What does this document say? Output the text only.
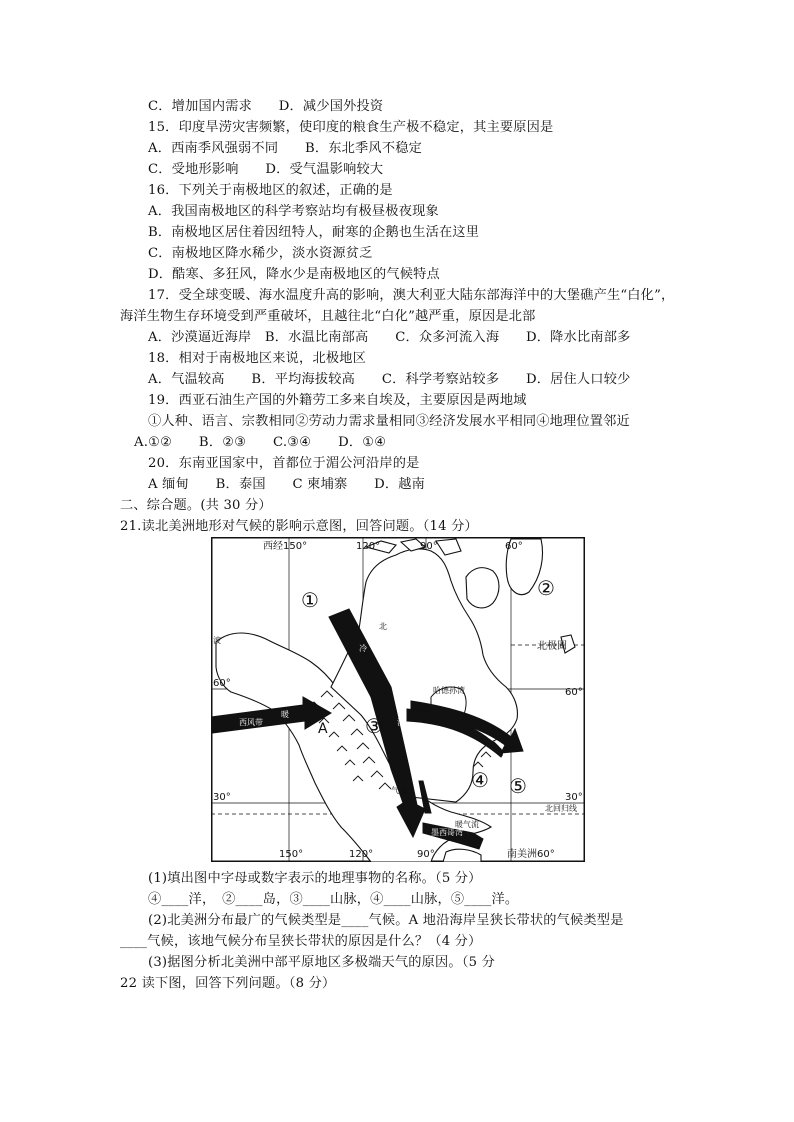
C．增加国内需求　　D．减少国外投资
15．印度旱涝灾害频繁，使印度的粮食生产极不稳定，其主要原因是
A．西南季风强弱不同　　B．东北季风不稳定
C．受地形影响　　D．受气温影响较大
16．下列关于南极地区的叙述，正确的是
A．我国南极地区的科学考察站均有极昼极夜现象
B．南极地区居住着因纽特人，耐寒的企鹅也生活在这里
C．南极地区降水稀少，淡水资源贫乏
D．酷寒、多狂风，降水少是南极地区的气候特点
17．受全球变暖、海水温度升高的影响，澳大利亚大陆东部海洋中的大堡礁产生“白化”，
海洋生物生存环境受到严重破坏，且越往北“白化”越严重，原因是北部
A．沙漠逼近海岸　B．水温比南部高　　C．众多河流入海　　D．降水比南部多
18．相对于南极地区来说，北极地区
A．气温较高　　B．平均海拔较高　　C．科学考察站较多　　D．居住人口较少
19．西亚石油生产国的外籍劳工多来自埃及，主要原因是两地域
①人种、语言、宗教相同②劳动力需求量相同③经济发展水平相同④地理位置邻近
A.①②　　B．②③　　C.③④　　D．①④
20．东南亚国家中，首都位于湄公河沿岸的是
A 缅甸　　B．泰国　　C 柬埔寨　　D．越南
二、综合题。(共 30 分）
21.读北美洲地形对气候的影响示意图，回答问题。（14 分）
西经150°	120°	90°	60°
150°	120°	90°	南美洲60°
60°
60°
30°	30°
①	②
③
④ ⑤
A
北极圈
北回归线
波
北
冷
湿
暖
气流
西风带
墨西哥湾
暖气流
哈德孙湾
(1)填出图中字母或数字表示的地理事物的名称。（5 分）
④____洋，　②____岛，③____山脉，④____山脉，⑤____洋。
(2)北美洲分布最广的气候类型是____气候。A 地沿海岸呈狭长带状的气候类型是
____气候，该地气候分布呈狭长带状的原因是什么？（4 分）
(3)据图分析北美洲中部平原地区多极端天气的原因。（5 分
22 读下图，回答下列问题。（8 分）
